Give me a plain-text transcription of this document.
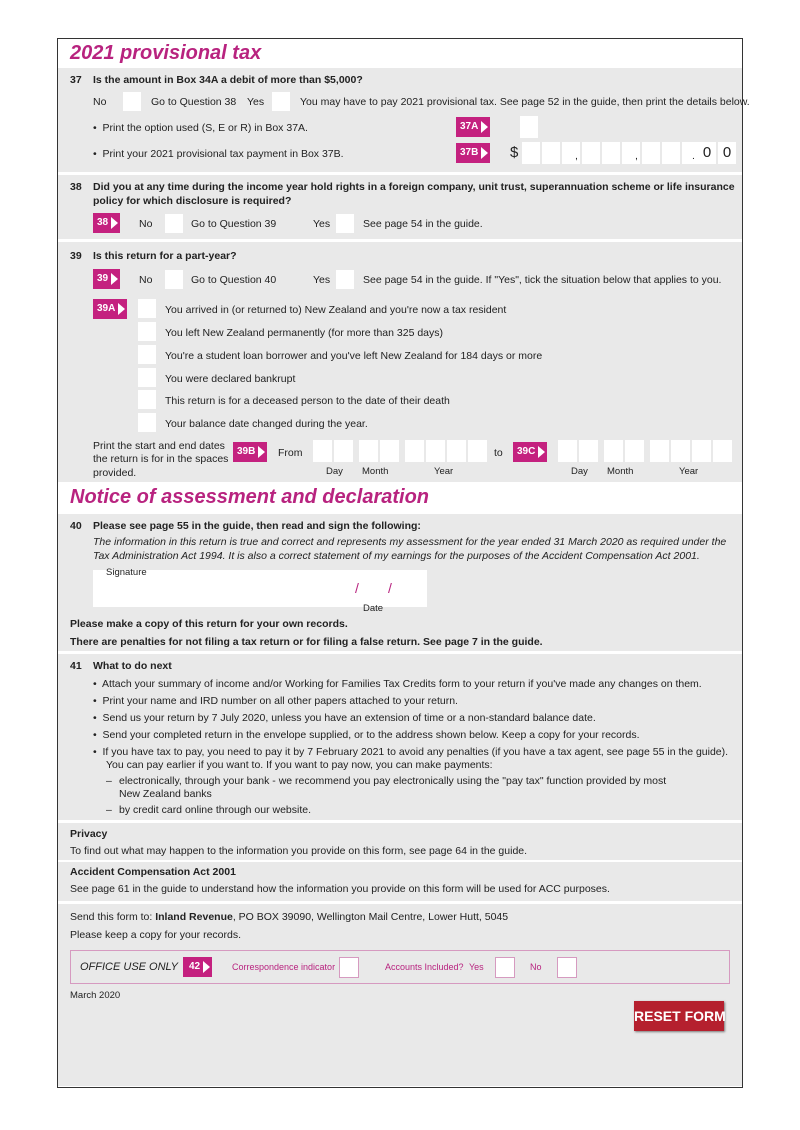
2021 provisional tax
37 Is the amount in Box 34A a debit of more than $5,000?
No	Go to Question 38 Yes	You may have to pay 2021 provisional tax. See page 52 in the guide, then print the details below.
•  Print the option used (S, E or R) in Box 37A.	37A
•  Print your 2021 provisional tax payment in Box 37B.	37B	$	,	,	. 0 0
38 Did you at any time during the income year hold rights in a foreign company, unit trust, superannuation scheme or life insurance
policy for which disclosure is required?
38	No	Go to Question 39	Yes	See page 54 in the guide.
39 Is this return for a part-year?
39	No	Go to Question 40	Yes	See page 54 in the guide. If "Yes", tick the situation below that applies to you.
39A	You arrived in (or returned to) New Zealand and you're now a tax resident
You left New Zealand permanently (for more than 325 days)
You're a student loan borrower and you've left New Zealand for 184 days or more
You were declared bankrupt
This return is for a deceased person to the date of their death
Your balance date changed during the year.
Print the start and end dates
the return is for in the spaces
provided.
39B	From
Day Month	Year
to	39C
Day Month	Year
Notice of assessment and declaration
40 Please see page 55 in the guide, then read and sign the following:
The information in this return is true and correct and represents my assessment for the year ended 31 March 2020 as required under the
Tax Administration Act 1994. It is also a correct statement of my earnings for the purposes of the Accident Compensation Act 2001.
Signature
/ /
Date
Please make a copy of this return for your own records.
There are penalties for not filing a tax return or for filing a false return. See page 7 in the guide.
41 What to do next
•  Attach your summary of income and/or Working for Families Tax Credits form to your return if you've made any changes on them.
•  Print your name and IRD number on all other papers attached to your return.
•  Send us your return by 7 July 2020, unless you have an extension of time or a non-standard balance date.
•  Send your completed return in the envelope supplied, or to the address shown below. Keep a copy for your records.
•  If you have tax to pay, you need to pay it by 7 February 2021 to avoid any penalties (if you have a tax agent, see page 55 in the guide).
You can pay earlier if you want to. If you want to pay now, you can make payments:
– electronically, through your bank - we recommend you pay electronically using the "pay tax" function provided by most
New Zealand banks
– by credit card online through our website.
Privacy
To find out what may happen to the information you provide on this form, see page 64 in the guide.
Accident Compensation Act 2001
See page 61 in the guide to understand how the information you provide on this form will be used for ACC purposes.
Send this form to: Inland Revenue, PO BOX 39090, Wellington Mail Centre, Lower Hutt, 5045
Please keep a copy for your records.
OFFICE USE ONLY	42	Correspondence indicator	Accounts Included? Yes	No
March 2020
RESET FORM
